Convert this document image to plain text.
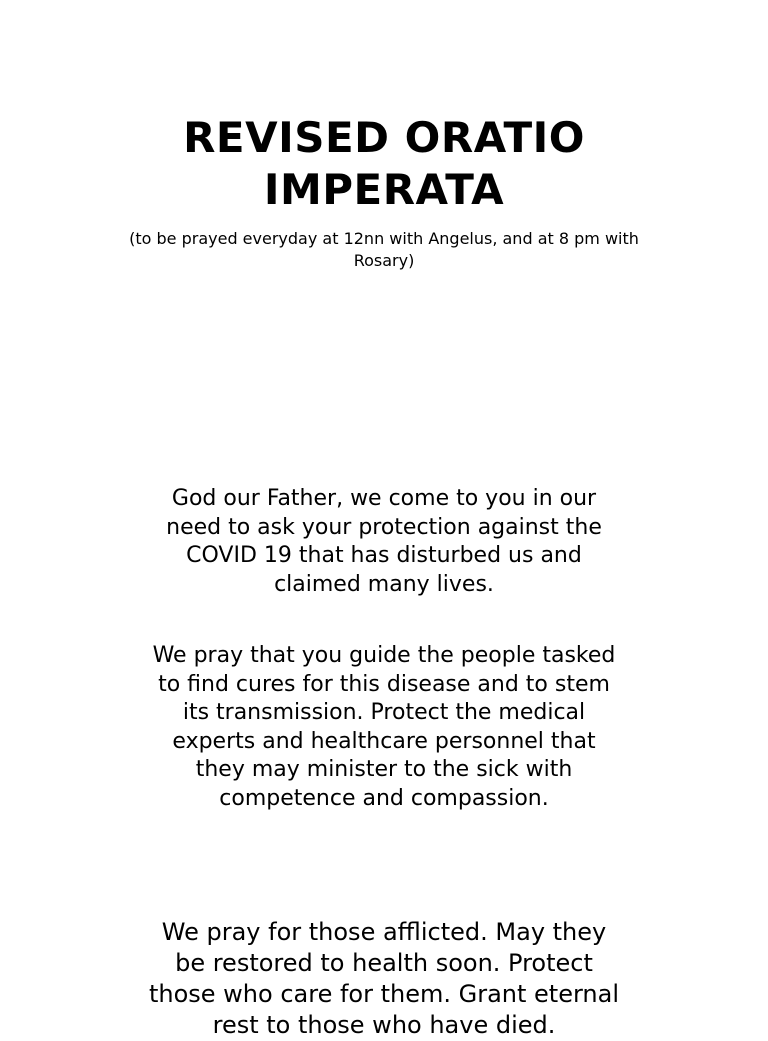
REVISED ORATIO
IMPERATA

(to be prayed everyday at 12nn with Angelus, and at 8 pm with Rosary)

God our Father, we come to you in our
need to ask your protection against the
COVID 19 that has disturbed us and
claimed many lives.

We pray that you guide the people tasked
to find cures for this disease and to stem
its transmission. Protect the medical
experts and healthcare personnel that
they may minister to the sick with
competence and compassion.

We pray for those afflicted. May they
be restored to health soon. Protect
those who care for them. Grant eternal
rest to those who have died.
